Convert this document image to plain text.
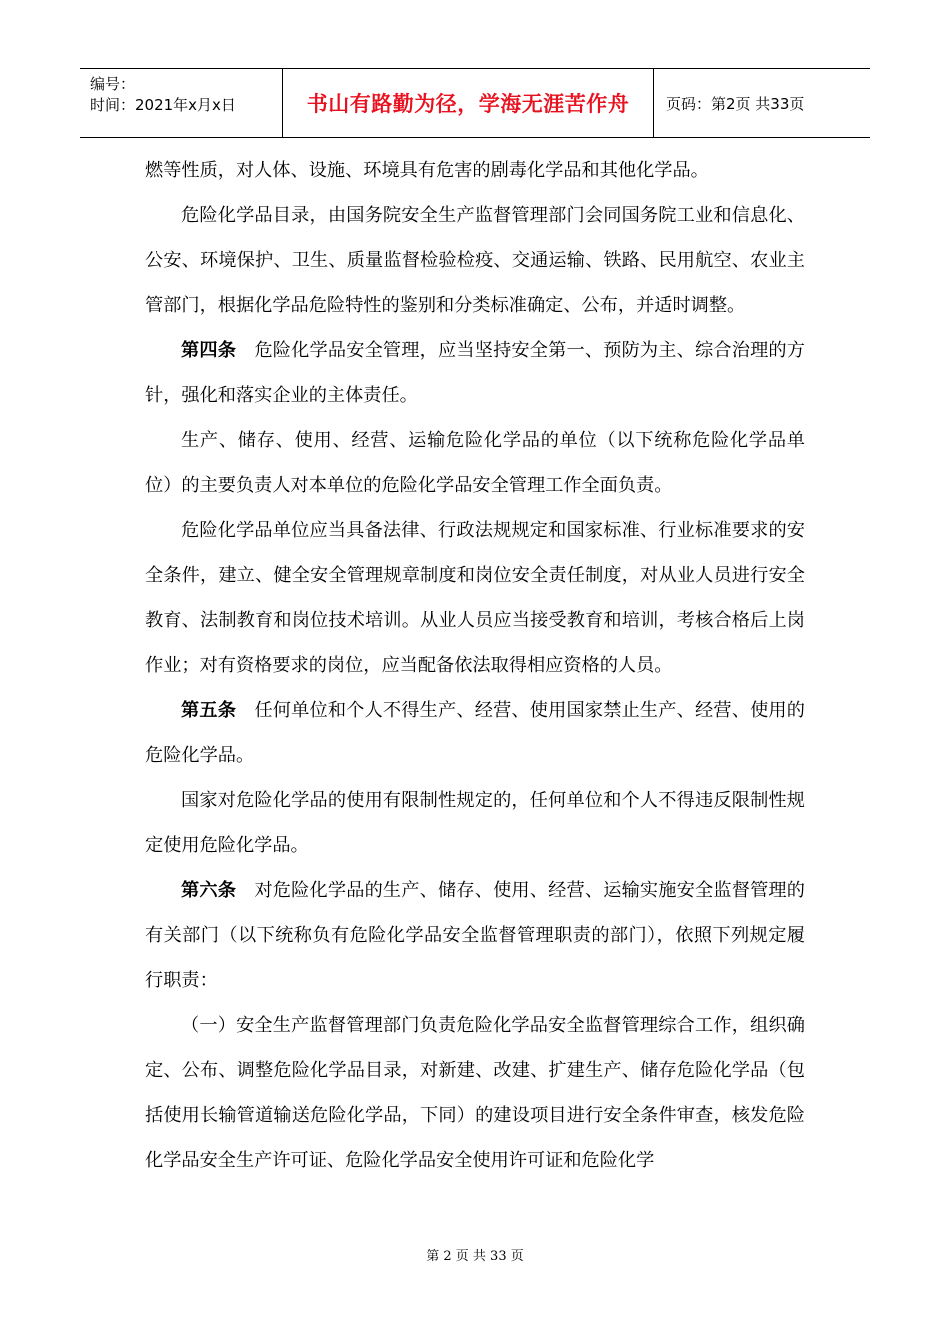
编号：
时间：2021年x月x日	书山有路勤为径，学海无涯苦作舟	页码：第2页 共33页

燃等性质，对人体、设施、环境具有危害的剧毒化学品和其他化学品。

危险化学品目录，由国务院安全生产监督管理部门会同国务院工业和信息化、公安、环境保护、卫生、质量监督检验检疫、交通运输、铁路、民用航空、农业主管部门，根据化学品危险特性的鉴别和分类标准确定、公布，并适时调整。

第四条　 危险化学品安全管理，应当坚持安全第一、预防为主、综合治理的方针，强化和落实企业的主体责任。

生产、储存、使用、经营、运输危险化学品的单位（以下统称危险化学品单位）的主要负责人对本单位的危险化学品安全管理工作全面负责。

危险化学品单位应当具备法律、行政法规规定和国家标准、行业标准要求的安全条件，建立、健全安全管理规章制度和岗位安全责任制度，对从业人员进行安全教育、法制教育和岗位技术培训。从业人员应当接受教育和培训，考核合格后上岗作业；对有资格要求的岗位，应当配备依法取得相应资格的人员。

第五条　 任何单位和个人不得生产、经营、使用国家禁止生产、经营、使用的危险化学品。

国家对危险化学品的使用有限制性规定的，任何单位和个人不得违反限制性规定使用危险化学品。

第六条　 对危险化学品的生产、储存、使用、经营、运输实施安全监督管理的有关部门（以下统称负有危险化学品安全监督管理职责的部门），依照下列规定履行职责：

（一）安全生产监督管理部门负责危险化学品安全监督管理综合工作，组织确定、公布、调整危险化学品目录，对新建、改建、扩建生产、储存危险化学品（包括使用长输管道输送危险化学品，下同）的建设项目进行安全条件审查，核发危险化学品安全生产许可证、危险化学品安全使用许可证和危险化学

第 2 页 共 33 页
